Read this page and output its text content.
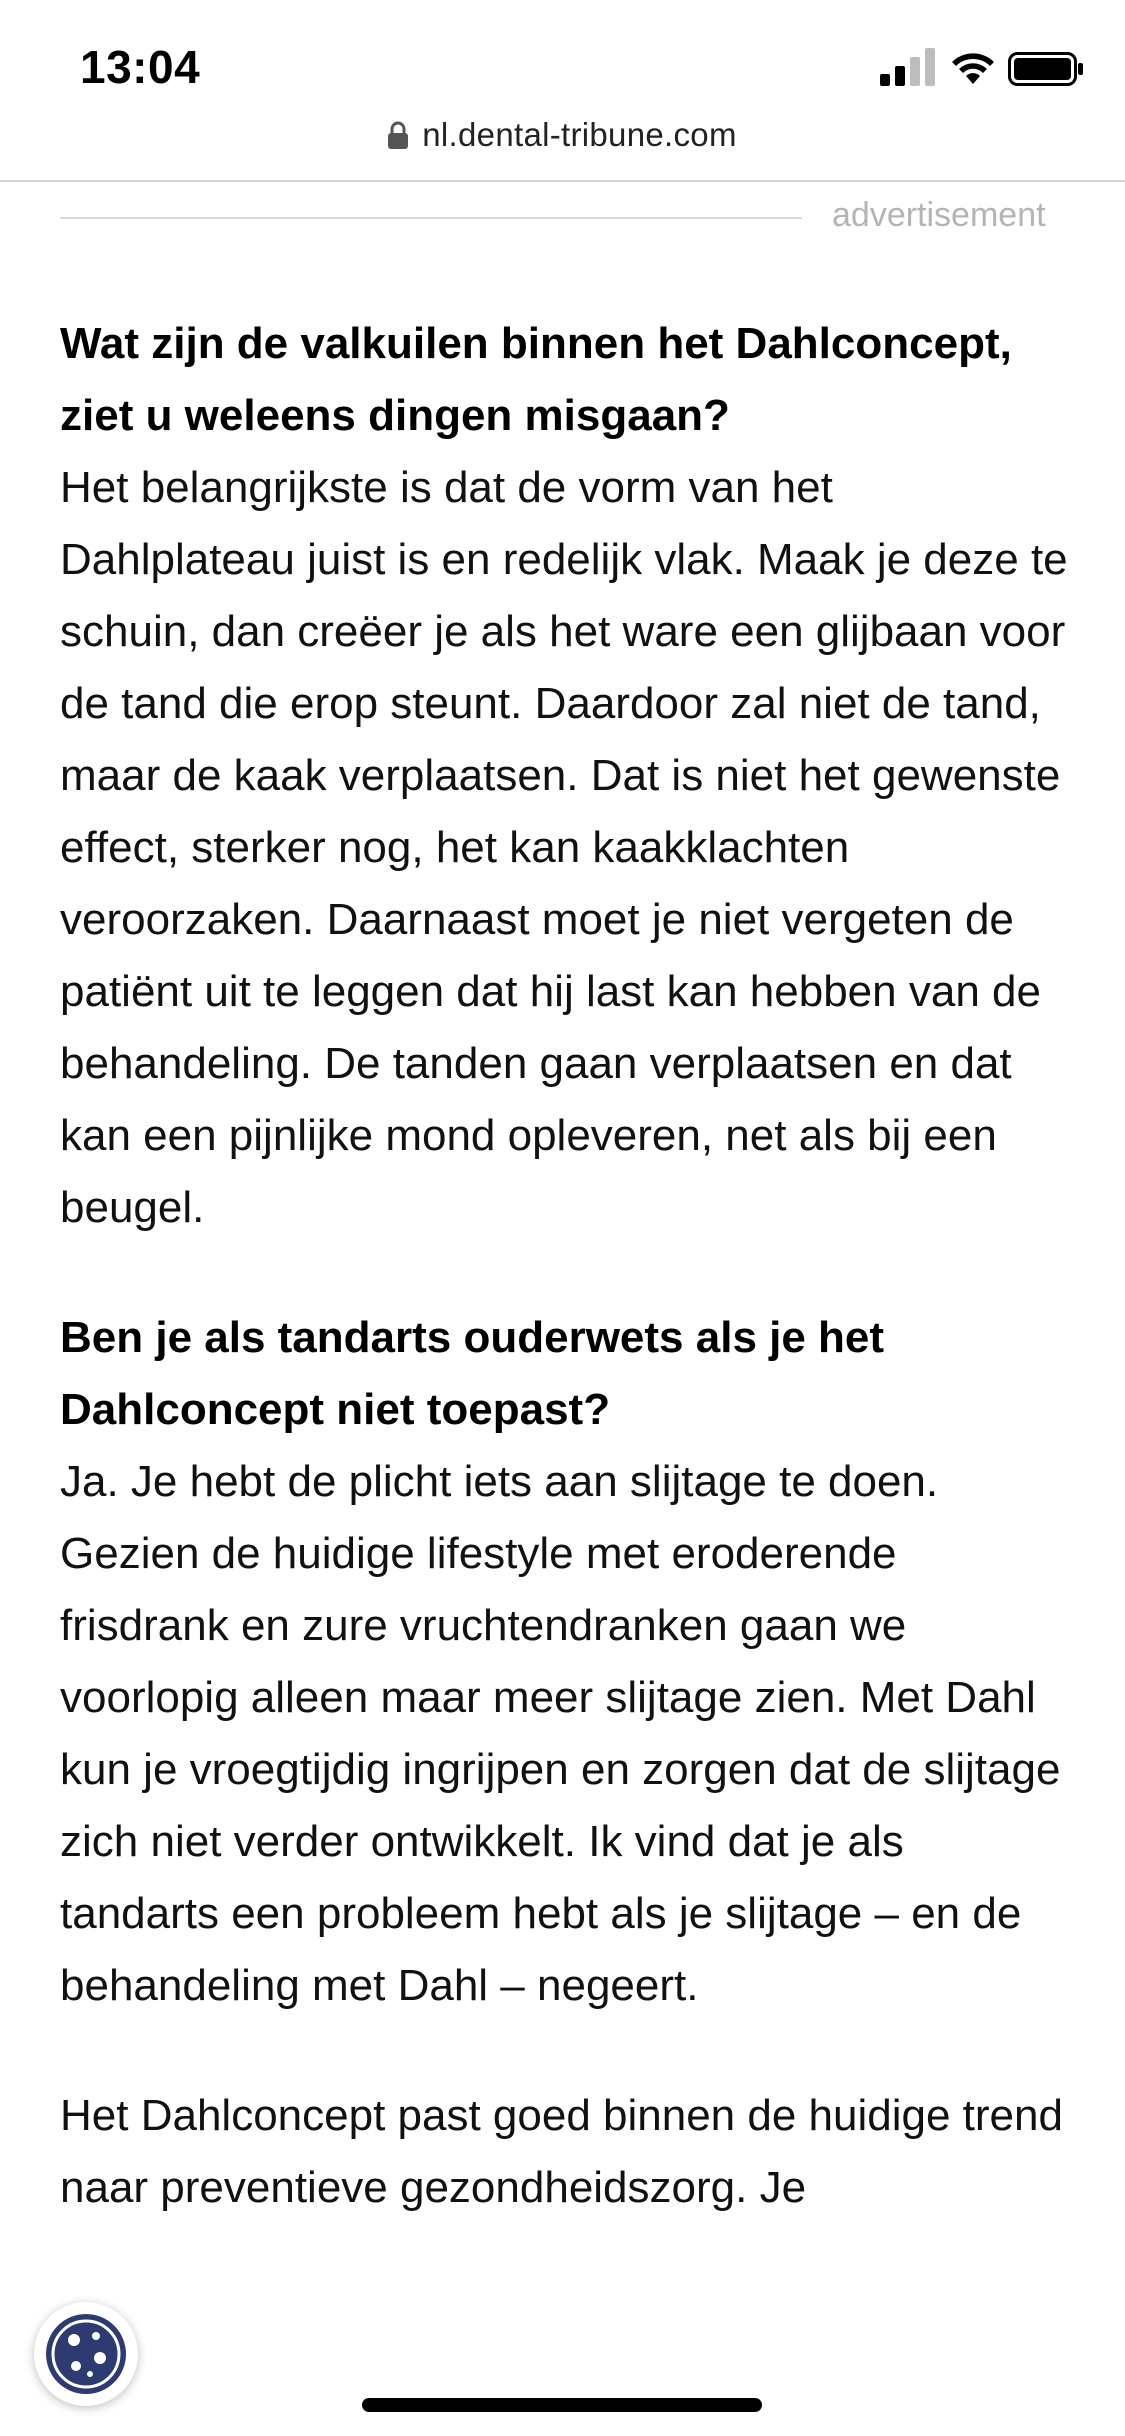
13:04
nl.dental-tribune.com
advertisement

Wat zijn de valkuilen binnen het Dahlconcept, ziet u weleens dingen misgaan?

Het belangrijkste is dat de vorm van het Dahlplateau juist is en redelijk vlak. Maak je deze te schuin, dan creëer je als het ware een glijbaan voor de tand die erop steunt. Daardoor zal niet de tand, maar de kaak verplaatsen. Dat is niet het gewenste effect, sterker nog, het kan kaakklachten veroorzaken. Daarnaast moet je niet vergeten de patiënt uit te leggen dat hij last kan hebben van de behandeling. De tanden gaan verplaatsen en dat kan een pijnlijke mond opleveren, net als bij een beugel.

Ben je als tandarts ouderwets als je het Dahlconcept niet toepast?

Ja. Je hebt de plicht iets aan slijtage te doen. Gezien de huidige lifestyle met eroderende frisdrank en zure vruchtendranken gaan we voorlopig alleen maar meer slijtage zien. Met Dahl kun je vroegtijdig ingrijpen en zorgen dat de slijtage zich niet verder ontwikkelt. Ik vind dat je als tandarts een probleem hebt als je slijtage – en de behandeling met Dahl – negeert.

Het Dahlconcept past goed binnen de huidige trend naar preventieve gezondheidszorg. Je
